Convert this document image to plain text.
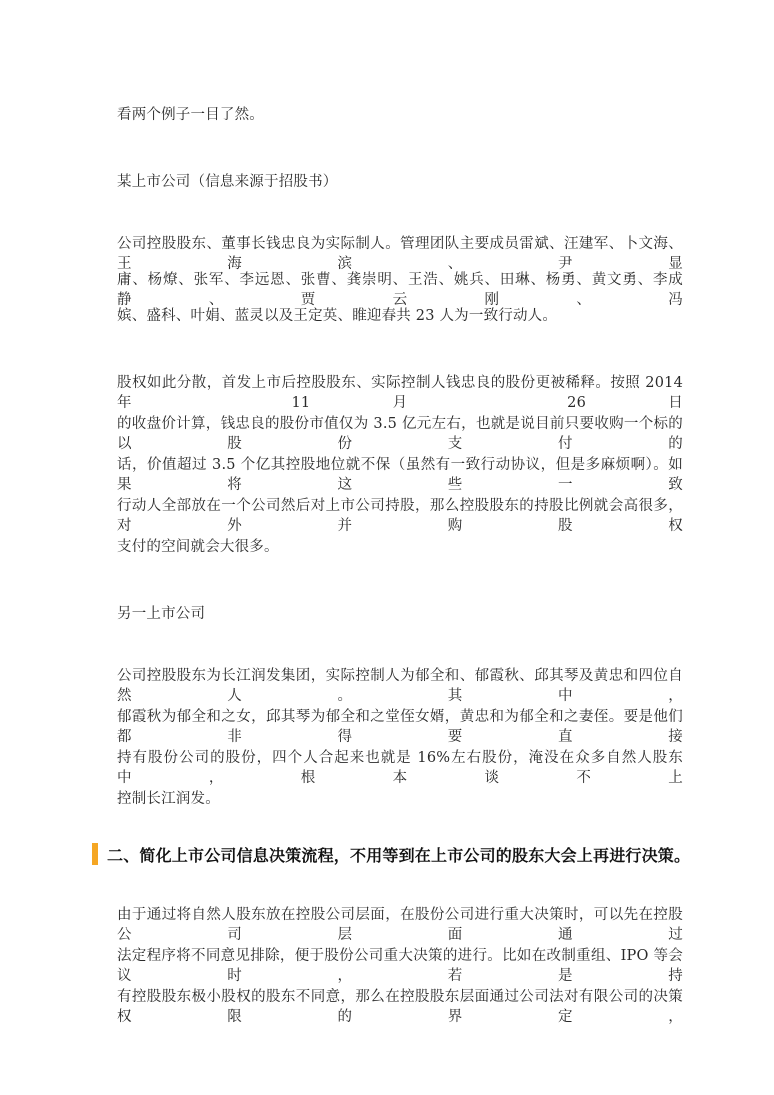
看两个例子一目了然。
某上市公司（信息来源于招股书）
公司控股股东、董事长钱忠良为实际制人。管理团队主要成员雷斌、汪建军、卜文海、王海滨、尹显
庸、杨燎、张军、李远恩、张曹、龚崇明、王浩、姚兵、田琳、杨勇、黄文勇、李成静、贾云刚、冯
嫔、盛科、叶娟、蓝灵以及王定英、睢迎春共 23 人为一致行动人。
股权如此分散，首发上市后控股股东、实际控制人钱忠良的股份更被稀释。按照 2014 年 11 月 26 日
的收盘价计算，钱忠良的股份市值仅为 3.5 亿元左右，也就是说目前只要收购一个标的以股份支付的
话，价值超过 3.5 个亿其控股地位就不保（虽然有一致行动协议，但是多麻烦啊）。如果将这些一致
行动人全部放在一个公司然后对上市公司持股，那么控股股东的持股比例就会高很多，对外并购股权
支付的空间就会大很多。
另一上市公司
公司控股股东为长江润发集团，实际控制人为郁全和、郁霞秋、邱其琴及黄忠和四位自然人。其中，
郁霞秋为郁全和之女，邱其琴为郁全和之堂侄女婿，黄忠和为郁全和之妻侄。要是他们都非得要直接
持有股份公司的股份，四个人合起来也就是 16%左右股份，淹没在众多自然人股东中，根本谈不上
控制长江润发。
二、简化上市公司信息决策流程，不用等到在上市公司的股东大会上再进行决策。
由于通过将自然人股东放在控股公司层面，在股份公司进行重大决策时，可以先在控股公司层面通过
法定程序将不同意见排除，便于股份公司重大决策的进行。比如在改制重组、IPO 等会议时，若是持
有控股股东极小股权的股东不同意，那么在控股股东层面通过公司法对有限公司的决策权限的界定，
